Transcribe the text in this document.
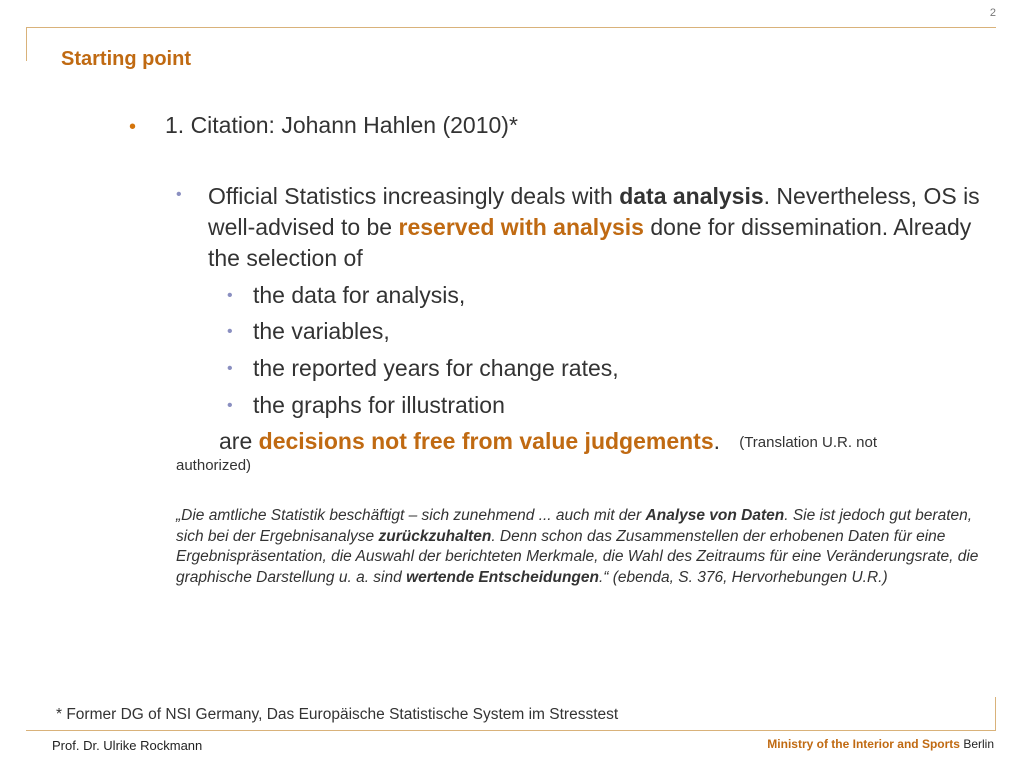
2
Starting point
• 1. Citation: Johann Hahlen (2010)*
• Official Statistics increasingly deals with data analysis. Nevertheless, OS is well-advised to be reserved with analysis done for dissemination. Already the selection of
• the data for analysis,
• the variables,
• the reported years for change rates,
• the graphs for illustration
are decisions not free from value judgements. (Translation U.R. not
authorized)
„Die amtliche Statistik beschäftigt – sich zunehmend ... auch mit der Analyse von Daten. Sie ist jedoch gut beraten, sich bei der Ergebnisanalyse zurückzuhalten. Denn schon das Zusammenstellen der erhobenen Daten für eine Ergebnispräsentation, die Auswahl der berichteten Merkmale, die Wahl des Zeitraums für eine Veränderungsrate, die graphische Darstellung u. a. sind wertende Entscheidungen.“ (ebenda, S. 376, Hervorhebungen U.R.)
* Former DG of NSI Germany, Das Europäische Statistische System im Stresstest
Prof. Dr. Ulrike Rockmann	Ministry of the Interior and Sports Berlin
